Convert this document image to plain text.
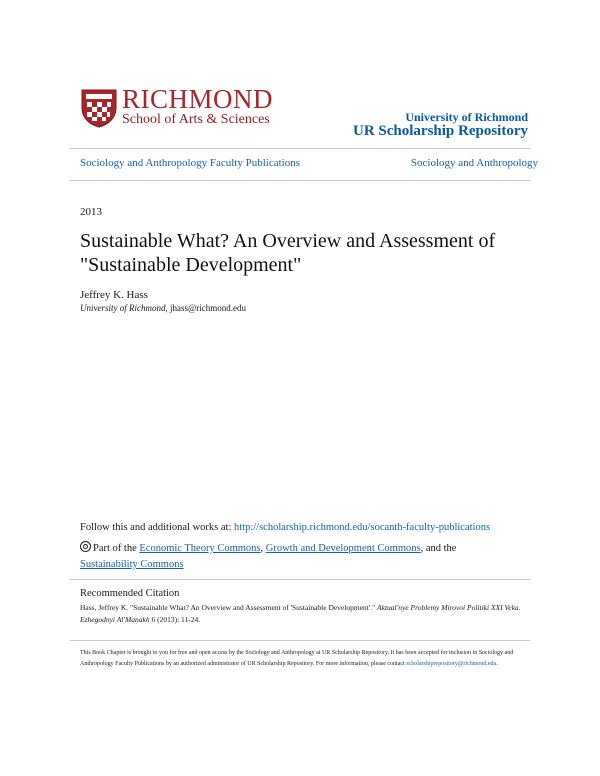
RICHMOND
School of Arts & Sciences	University of Richmond
UR Scholarship Repository
Sociology and Anthropology Faculty Publications	Sociology and Anthropology
2013
Sustainable What? An Overview and Assessment of "Sustainable Development"
Jeffrey K. Hass
University of Richmond, jhass@richmond.edu
Follow this and additional works at: http://scholarship.richmond.edu/socanth-faculty-publications
Part of the Economic Theory Commons, Growth and Development Commons, and the
Sustainability Commons
Recommended Citation
Hass, Jeffrey K. "Sustainable What? An Overview and Assessment of 'Sustainable Development'." Aktual'nye Problemy Mirovoi Politiki XXI Veka. Ezhegodnyi Al'Manakh 6 (2013): 11-24.
This Book Chapter is brought to you for free and open access by the Sociology and Anthropology at UR Scholarship Repository. It has been accepted for inclusion in Sociology and Anthropology Faculty Publications by an authorized administrator of UR Scholarship Repository. For more information, please contact scholarshiprepository@richmond.edu.
